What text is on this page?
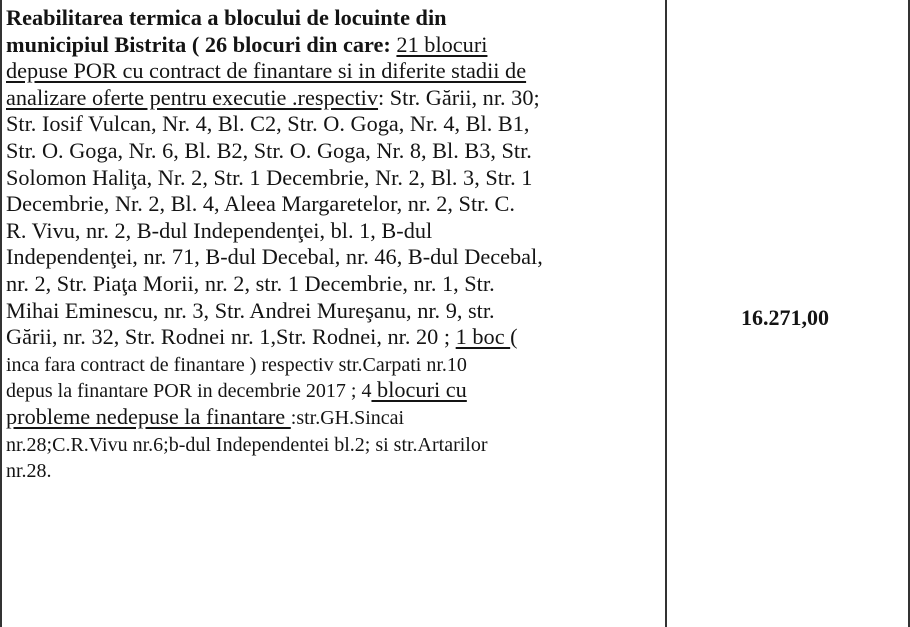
Reabilitarea termica a blocului de locuinte din
municipiul Bistrita ( 26 blocuri din care: 21 blocuri
depuse POR cu contract de finantare si in diferite stadii de
analizare oferte pentru executie .respectiv: Str. Gării, nr. 30;
Str. Iosif Vulcan, Nr. 4, Bl. C2, Str. O. Goga, Nr. 4, Bl. B1,
Str. O. Goga, Nr. 6, Bl. B2, Str. O. Goga, Nr. 8, Bl. B3, Str.
Solomon Haliţa, Nr. 2, Str. 1 Decembrie, Nr. 2, Bl. 3, Str. 1
Decembrie, Nr. 2, Bl. 4, Aleea Margaretelor, nr. 2, Str. C.
R. Vivu, nr. 2, B-dul Independenţei, bl. 1, B-dul
Independenţei, nr. 71, B-dul Decebal, nr. 46, B-dul Decebal,
nr. 2, Str. Piaţa Morii, nr. 2, str. 1 Decembrie, nr. 1, Str.
Mihai Eminescu, nr. 3, Str. Andrei Mureşanu, nr. 9, str.
Gării, nr. 32, Str. Rodnei nr. 1,Str. Rodnei, nr. 20 ; 1 boc (
inca fara contract de finantare ) respectiv str.Carpati nr.10
depus la finantare POR in decembrie 2017 ; 4 blocuri cu
probleme nedepuse la finantare :str.GH.Sincai
nr.28;C.R.Vivu nr.6;b-dul Independentei bl.2; si str.Artarilor
nr.28.
16.271,00
